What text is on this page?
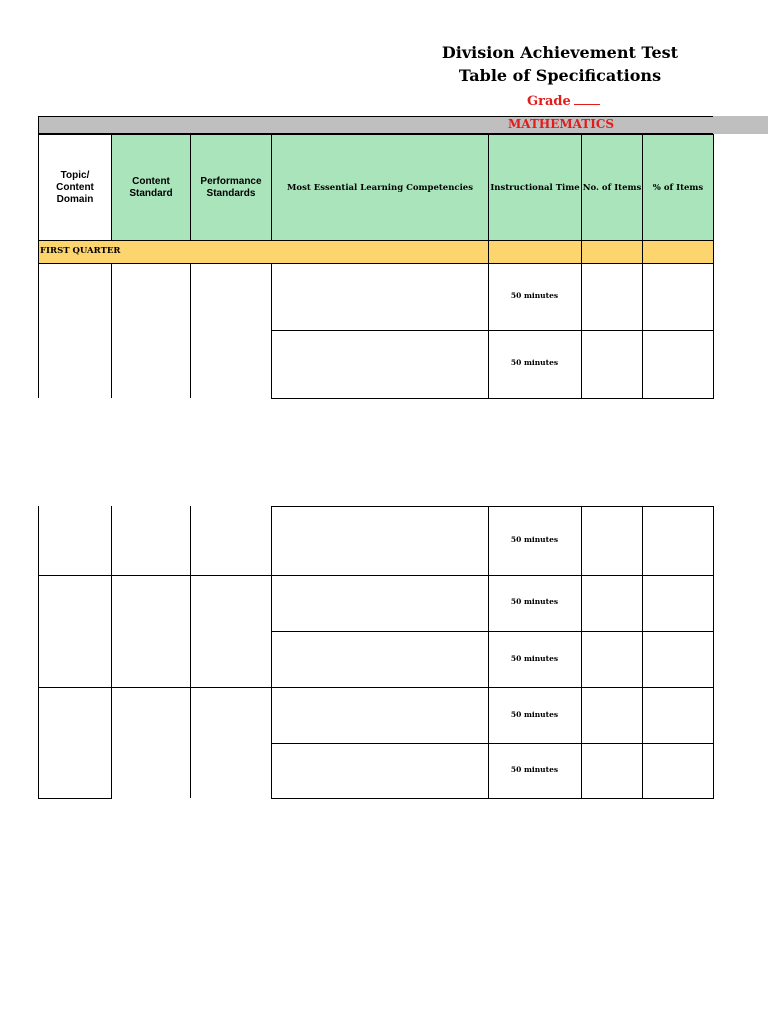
Division Achievement Test
Table of Specifications
Grade
MATHEMATICS
Topic/ Content Domain
Content Standard
Performance Standards	Most Essential Learning Competencies Instructional Time No. of Items % of Items
FIRST QUARTER
50 minutes
50 minutes
50 minutes
50 minutes
50 minutes
50 minutes
50 minutes
